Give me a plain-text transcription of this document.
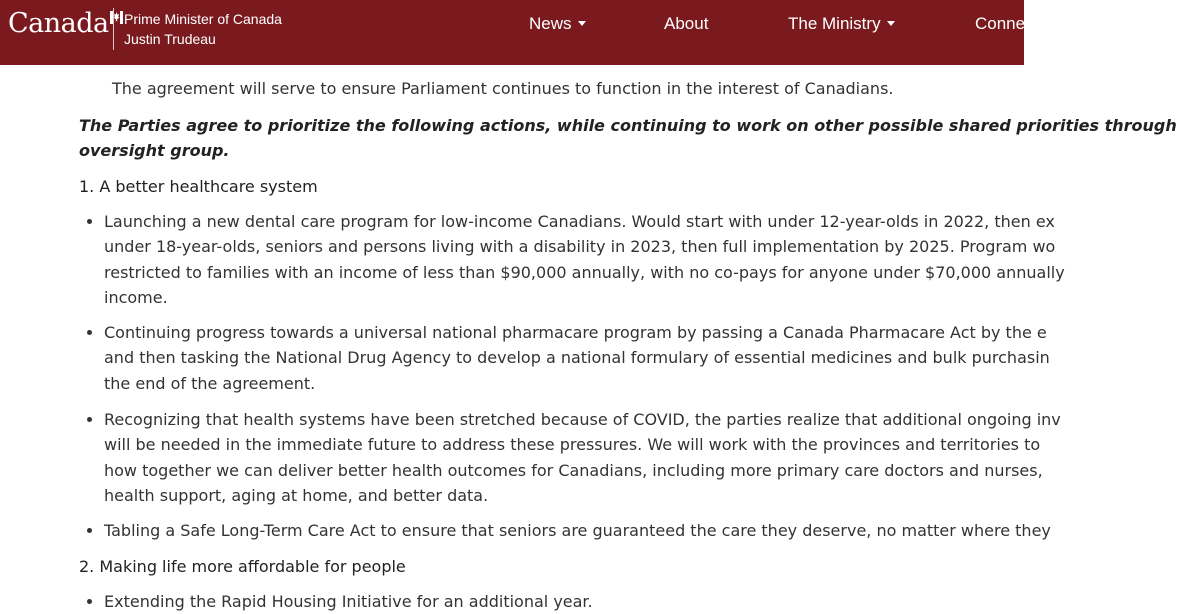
Canada Prime Minister of Canada
Justin Trudeau
News	About	The Ministry	Conne

The agreement will serve to ensure Parliament continues to function in the interest of Canadians.

The Parties agree to prioritize the following actions, while continuing to work on other possible shared priorities through
oversight group.

1. A better healthcare system
Launching a new dental care program for low-income Canadians. Would start with under 12-year-olds in 2022, then ex
under 18-year-olds, seniors and persons living with a disability in 2023, then full implementation by 2025. Program wo
restricted to families with an income of less than $90,000 annually, with no co-pays for anyone under $70,000 annually
income.
Continuing progress towards a universal national pharmacare program by passing a Canada Pharmacare Act by the e
and then tasking the National Drug Agency to develop a national formulary of essential medicines and bulk purchasin
the end of the agreement.
Recognizing that health systems have been stretched because of COVID, the parties realize that additional ongoing inv
will be needed in the immediate future to address these pressures. We will work with the provinces and territories to
how together we can deliver better health outcomes for Canadians, including more primary care doctors and nurses,
health support, aging at home, and better data.
Tabling a Safe Long-Term Care Act to ensure that seniors are guaranteed the care they deserve, no matter where they
2. Making life more affordable for people
Extending the Rapid Housing Initiative for an additional year.
